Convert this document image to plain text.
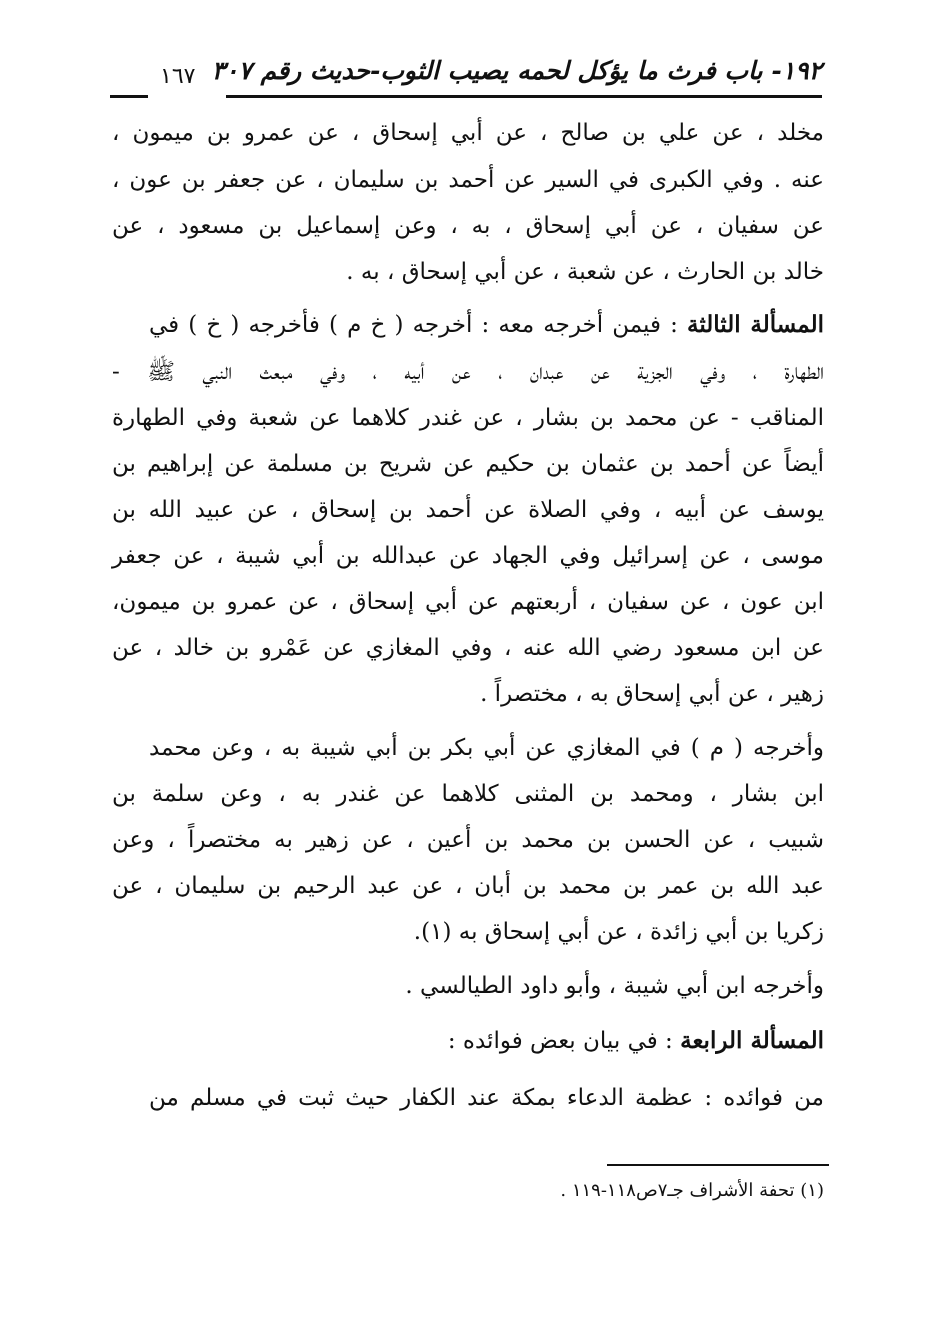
١٩٢- باب فرث ما يؤكل لحمه يصيب الثوب-حديث رقم ٣٠٧
١٦٧
مخلد ، عن علي بن صالح ، عن أبي إسحاق ، عن عمرو بن ميمون ،
عنه . وفي الكبرى في السير عن أحمد بن سليمان ، عن جعفر بن عون ،
عن سفيان ، عن أبي إسحاق ، به ، وعن إسماعيل بن مسعود ، عن
خالد بن الحارث ، عن شعبة ، عن أبي إسحاق ، به .
المسألة الثالثة : فيمن أخرجه معه : أخرجه ( خ م ) فأخرجه ( خ ) في
الطهارة ، وفي الجزية عن عبدان ، عن أبيه ، وفي مبعث النبي ﷺ -
المناقب - عن محمد بن بشار ، عن غندر كلاهما عن شعبة وفي الطهارة
أيضاً عن أحمد بن عثمان بن حكيم عن شريح بن مسلمة عن إبراهيم بن
يوسف عن أبيه ، وفي الصلاة عن أحمد بن إسحاق ، عن عبيد الله بن
موسى ، عن إسرائيل وفي الجهاد عن عبدالله بن أبي شيبة ، عن جعفر
ابن عون ، عن سفيان ، أربعتهم عن أبي إسحاق ، عن عمرو بن ميمون،
عن ابن مسعود رضي الله عنه ، وفي المغازي عن عَمْرو بن خالد ، عن
زهير ، عن أبي إسحاق به ، مختصراً .
وأخرجه ( م ) في المغازي عن أبي بكر بن أبي شيبة به ، وعن محمد
ابن بشار ، ومحمد بن المثنى كلاهما عن غندر به ، وعن سلمة بن
شبيب ، عن الحسن بن محمد بن أعين ، عن زهير به مختصراً ، وعن
عبد الله بن عمر بن محمد بن أبان ، عن عبد الرحيم بن سليمان ، عن
زكريا بن أبي زائدة ، عن أبي إسحاق به (١).
وأخرجه ابن أبي شيبة ، وأبو داود الطيالسي .
المسألة الرابعة : في بيان بعض فوائده :
من فوائده : عظمة الدعاء بمكة عند الكفار حيث ثبت في مسلم من
(١) تحفة الأشراف جـ٧ص١١٨-١١٩ .
